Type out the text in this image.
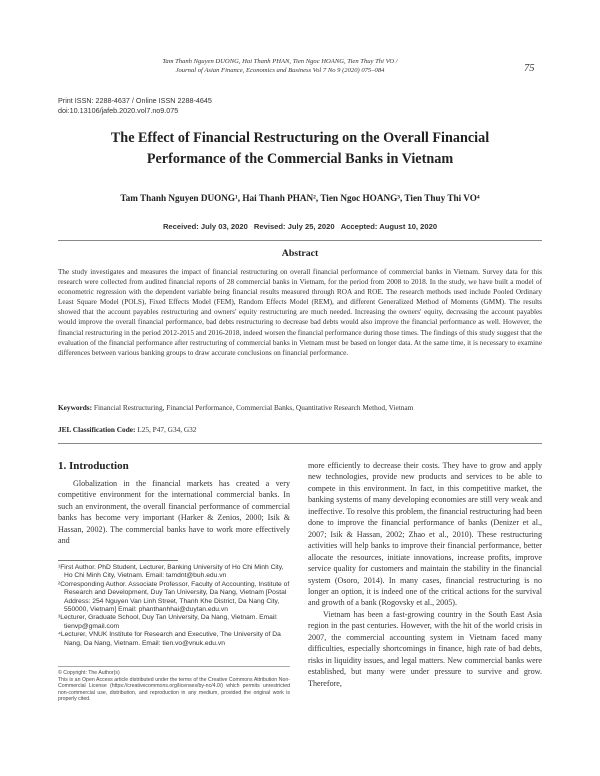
Tam Thanh Nguyen DUONG, Hai Thanh PHAN, Tien Ngoc HOANG, Tien Thuy Thi VO /
Journal of Asian Finance, Economics and Business Vol 7 No 9 (2020) 075–084	75
Print ISSN: 2288-4637 / Online ISSN 2288-4645
doi:10.13106/jafeb.2020.vol7.no9.075
The Effect of Financial Restructuring on the Overall Financial
Performance of the Commercial Banks in Vietnam
Tam Thanh Nguyen DUONG¹, Hai Thanh PHAN², Tien Ngoc HOANG³, Tien Thuy Thi VO⁴
Received: July 03, 2020 Revised: July 25, 2020 Accepted: August 10, 2020
Abstract
The study investigates and measures the impact of financial restructuring on overall financial performance of commercial banks in Vietnam. Survey data for this research were collected from audited financial reports of 28 commercial banks in Vietnam, for the period from 2008 to 2018. In the study, we have built a model of econometric regression with the dependent variable being financial results measured through ROA and ROE. The research methods used include Pooled Ordinary Least Square Model (POLS), Fixed Effects Model (FEM), Random Effects Model (REM), and different Generalized Method of Moments (GMM). The results showed that the account payables restructuring and owners' equity restructuring are much needed. Increasing the owners' equity, decreasing the account payables would improve the overall financial performance, bad debts restructuring to decrease bad debts would also improve the financial performance as well. However, the financial restructuring in the period 2012-2015 and 2016-2018, indeed worsen the financial performance during those times. The findings of this study suggest that the evaluation of the financial performance after restructuring of commercial banks in Vietnam must be based on longer data. At the same time, it is necessary to examine differences between various banking groups to draw accurate conclusions on financial performance.
Keywords: Financial Restructuring, Financial Performance, Commercial Banks, Quantitative Research Method, Vietnam
JEL Classification Code: L25, P47, G34, G32
1. Introduction

Globalization in the financial markets has created a very competitive environment for the international commercial banks. In such an environment, the overall financial performance of commercial banks has become very important (Harker & Zenios, 2000; Isik & Hassan, 2002). The commercial banks have to work more effectively and

¹First Author. PhD Student, Lecturer, Banking University of Ho Chi Minh City, Ho Chi Minh City, Vietnam. Email: tamdnt@buh.edu.vn
²Corresponding Author. Associate Professor, Faculty of Accounting, Institute of Research and Development, Duy Tan University, Da Nang, Vietnam [Postal Address: 254 Nguyen Van Linh Street, Thanh Khe District, Da Nang City, 550000, Vietnam] Email: phanthanhhai@duytan.edu.vn
³Lecturer, Graduate School, Duy Tan University, Da Nang, Vietnam. Email: tienvp@gmail.com
⁴Lecturer, VNUK Institute for Research and Executive, The University of Da Nang, Da Nang, Vietnam. Email: tien.vo@vnuk.edu.vn
© Copyright: The Author(s)
This is an Open Access article distributed under the terms of the Creative Commons Attribution Non-Commercial License (https://creativecommons.org/licenses/by-nc/4.0/) which permits unrestricted non-commercial use, distribution, and reproduction in any medium, provided the original work is properly cited.

more efficiently to decrease their costs. They have to grow and apply new technologies, provide new products and services to be able to compete in this environment. In fact, in this competitive market, the banking systems of many developing economies are still very weak and ineffective. To resolve this problem, the financial restructuring had been done to improve the financial performance of banks (Denizer et al., 2007; Isik & Hassan, 2002; Zhao et al., 2010). These restructuring activities will help banks to improve their financial performance, better allocate the resources, initiate innovations, increase profits, improve service quality for customers and maintain the stability in the financial system (Osoro, 2014). In many cases, financial restructuring is no longer an option, it is indeed one of the critical actions for the survival and growth of a bank (Rogovsky et al., 2005).

Vietnam has been a fast-growing country in the South East Asia region in the past centuries. However, with the hit of the world crisis in 2007, the commercial accounting system in Vietnam faced many difficulties, especially shortcomings in finance, high rate of bad debts, risks in liquidity issues, and legal matters. New commercial banks were established, but many were under pressure to survive and grow. Therefore,
